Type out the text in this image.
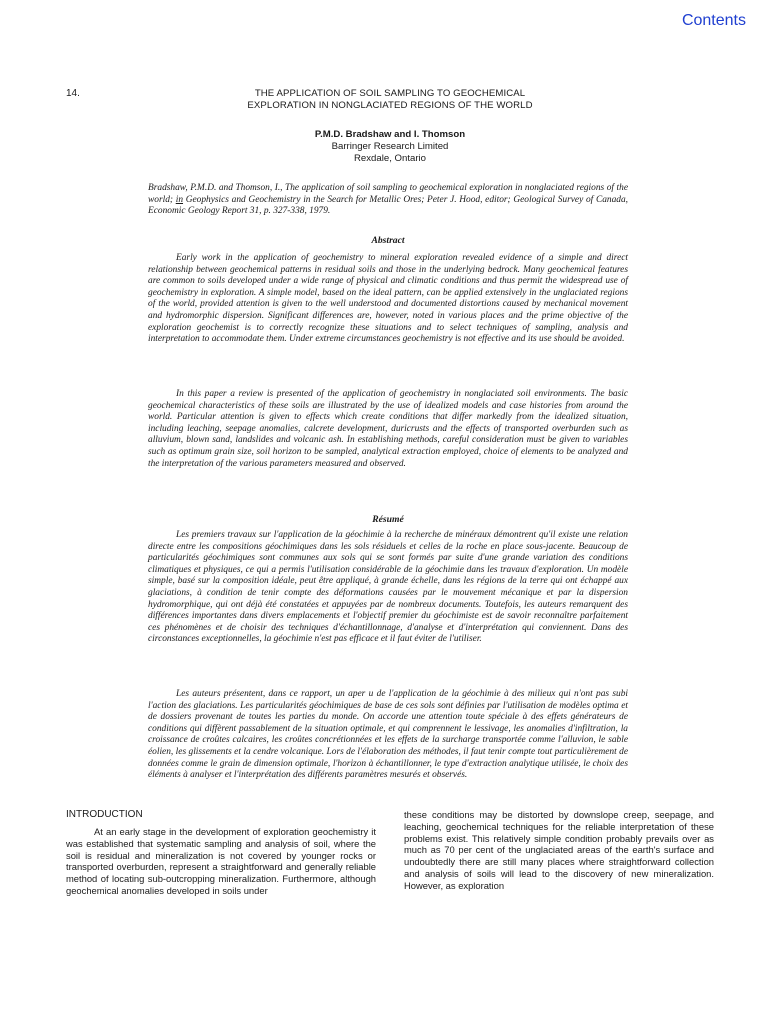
Contents
14.	THE APPLICATION OF SOIL SAMPLING TO GEOCHEMICAL
EXPLORATION IN NONGLACIATED REGIONS OF THE WORLD
P.M.D. Bradshaw and I. Thomson
Barringer Research Limited
Rexdale, Ontario
Bradshaw, P.M.D. and Thomson, I., The application of soil sampling to geochemical exploration in nonglaciated regions of the world; in Geophysics and Geochemistry in the Search for Metallic Ores; Peter J. Hood, editor; Geological Survey of Canada, Economic Geology Report 31, p. 327-338, 1979.
Abstract

Early work in the application of geochemistry to mineral exploration revealed evidence of a simple and direct relationship between geochemical patterns in residual soils and those in the underlying bedrock. Many geochemical features are common to soils developed under a wide range of physical and climatic conditions and thus permit the widespread use of geochemistry in exploration. A simple model, based on the ideal pattern, can be applied extensively in the unglaciated regions of the world, provided attention is given to the well understood and documented distortions caused by mechanical movement and hydromorphic dispersion. Significant differences are, however, noted in various places and the prime objective of the exploration geochemist is to correctly recognize these situations and to select techniques of sampling, analysis and interpretation to accommodate them. Under extreme circumstances geochemistry is not effective and its use should be avoided.

In this paper a review is presented of the application of geochemistry in nonglaciated soil environments. The basic geochemical characteristics of these soils are illustrated by the use of idealized models and case histories from around the world. Particular attention is given to effects which create conditions that differ markedly from the idealized situation, including leaching, seepage anomalies, calcrete development, duricrusts and the effects of transported overburden such as alluvium, blown sand, landslides and volcanic ash. In establishing methods, careful consideration must be given to variables such as optimum grain size, soil horizon to be sampled, analytical extraction employed, choice of elements to be analyzed and the interpretation of the various parameters measured and observed.

Résumé

Les premiers travaux sur l'application de la géochimie à la recherche de minéraux démontrent qu'il existe une relation directe entre les compositions géochimiques dans les sols résiduels et celles de la roche en place sous-jacente. Beaucoup de particularités géochimiques sont communes aux sols qui se sont formés par suite d'une grande variation des conditions climatiques et physiques, ce qui a permis l'utilisation considérable de la géochimie dans les travaux d'exploration. Un modèle simple, basé sur la composition idéale, peut être appliqué, à grande échelle, dans les régions de la terre qui ont échappé aux glaciations, à condition de tenir compte des déformations causées par le mouvement mécanique et par la dispersion hydromorphique, qui ont déjà été constatées et appuyées par de nombreux documents. Toutefois, les auteurs remarquent des différences importantes dans divers emplacements et l'objectif premier du géochimiste est de savoir reconnaître parfaitement ces phénomènes et de choisir des techniques d'échantillonnage, d'analyse et d'interprétation qui conviennent. Dans des circonstances exceptionnelles, la géochimie n'est pas efficace et il faut éviter de l'utiliser.

Les auteurs présentent, dans ce rapport, un aper u de l'application de la géochimie à des milieux qui n'ont pas subi l'action des glaciations. Les particularités géochimiques de base de ces sols sont définies par l'utilisation de modèles optima et de dossiers provenant de toutes les parties du monde. On accorde une attention toute spéciale à des effets générateurs de conditions qui diffèrent passablement de la situation optimale, et qui comprennent le lessivage, les anomalies d'infiltration, la croissance de croûtes calcaires, les croûtes concrétionnées et les effets de la surcharge transportée comme l'alluvion, le sable éolien, les glissements et la cendre volcanique. Lors de l'élaboration des méthodes, il faut tenir compte tout particulièrement de données comme le grain de dimension optimale, l'horizon à échantillonner, le type d'extraction analytique utilisée, le choix des éléments à analyser et l'interprétation des différents paramètres mesurés et observés.

INTRODUCTION

At an early stage in the development of exploration geochemistry it was established that systematic sampling and analysis of soil, where the soil is residual and mineralization is not covered by younger rocks or transported overburden, represent a straightforward and generally reliable method of locating sub-outcropping mineralization. Furthermore, although geochemical anomalies developed in soils under

these conditions may be distorted by downslope creep, seepage, and leaching, geochemical techniques for the reliable interpretation of these problems exist. This relatively simple condition probably prevails over as much as 70 per cent of the unglaciated areas of the earth's surface and undoubtedly there are still many places where straightforward collection and analysis of soils will lead to the discovery of new mineralization. However, as exploration
